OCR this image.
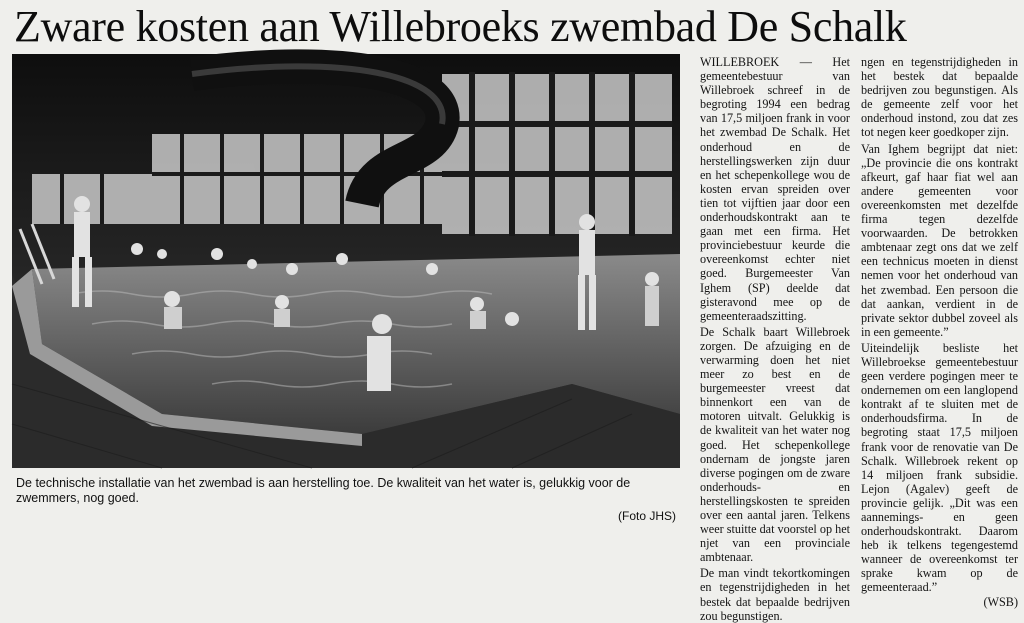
Zware kosten aan Willebroeks zwembad De Schalk
De technische installatie van het zwembad is aan herstelling toe. De kwaliteit van het water is, gelukkig voor de zwemmers, nog goed.
(Foto JHS)

WILLEBROEK — Het gemeentebestuur van Willebroek schreef in de begroting 1994 een bedrag van 17,5 miljoen frank in voor het zwembad De Schalk. Het onderhoud en de herstellingswerken zijn duur en het schepenkollege wou de kosten ervan spreiden over tien tot vijftien jaar door een onderhoudskontrakt aan te gaan met een firma. Het provinciebestuur keurde die overeenkomst echter niet goed. Burgemeester Van Ighem (SP) deelde dat gisteravond mee op de gemeenteraadszitting.

De Schalk baart Willebroek zorgen. De afzuiging en de verwarming doen het niet meer zo best en de burgemeester vreest dat binnenkort een van de motoren uitvalt. Gelukkig is de kwaliteit van het water nog goed. Het schepenkollege ondernam de jongste jaren diverse pogingen om de zware onderhouds- en herstellingskosten te spreiden over een aantal jaren. Telkens weer stuitte dat voorstel op het njet van een provinciale ambtenaar.

De man vindt tekortkomingen en tegenstrijdigheden in het bestek dat bepaalde bedrijven zou begunstigen.

ngen en tegenstrijdigheden in het bestek dat bepaalde bedrijven zou begunstigen. Als de gemeente zelf voor het onderhoud instond, zou dat zes tot negen keer goedkoper zijn.

Van Ighem begrijpt dat niet: „De provincie die ons kontrakt afkeurt, gaf haar fiat wel aan andere gemeenten voor overeenkomsten met dezelfde firma tegen dezelfde voorwaarden. De betrokken ambtenaar zegt ons dat we zelf een technicus moeten in dienst nemen voor het onderhoud van het zwembad. Een persoon die dat aankan, verdient in de private sektor dubbel zoveel als in een gemeente.”

Uiteindelijk besliste het Willebroekse gemeentebestuur geen verdere pogingen meer te ondernemen om een langlopend kontrakt af te sluiten met de onderhoudsfirma. In de begroting staat 17,5 miljoen frank voor de renovatie van De Schalk. Willebroek rekent op 14 miljoen frank subsidie. Lejon (Agalev) geeft de provincie gelijk. „Dit was een aannemings- en geen onderhoudskontrakt. Daarom heb ik telkens tegengestemd wanneer de overeenkomst ter sprake kwam op de gemeenteraad.”

(WSB)
